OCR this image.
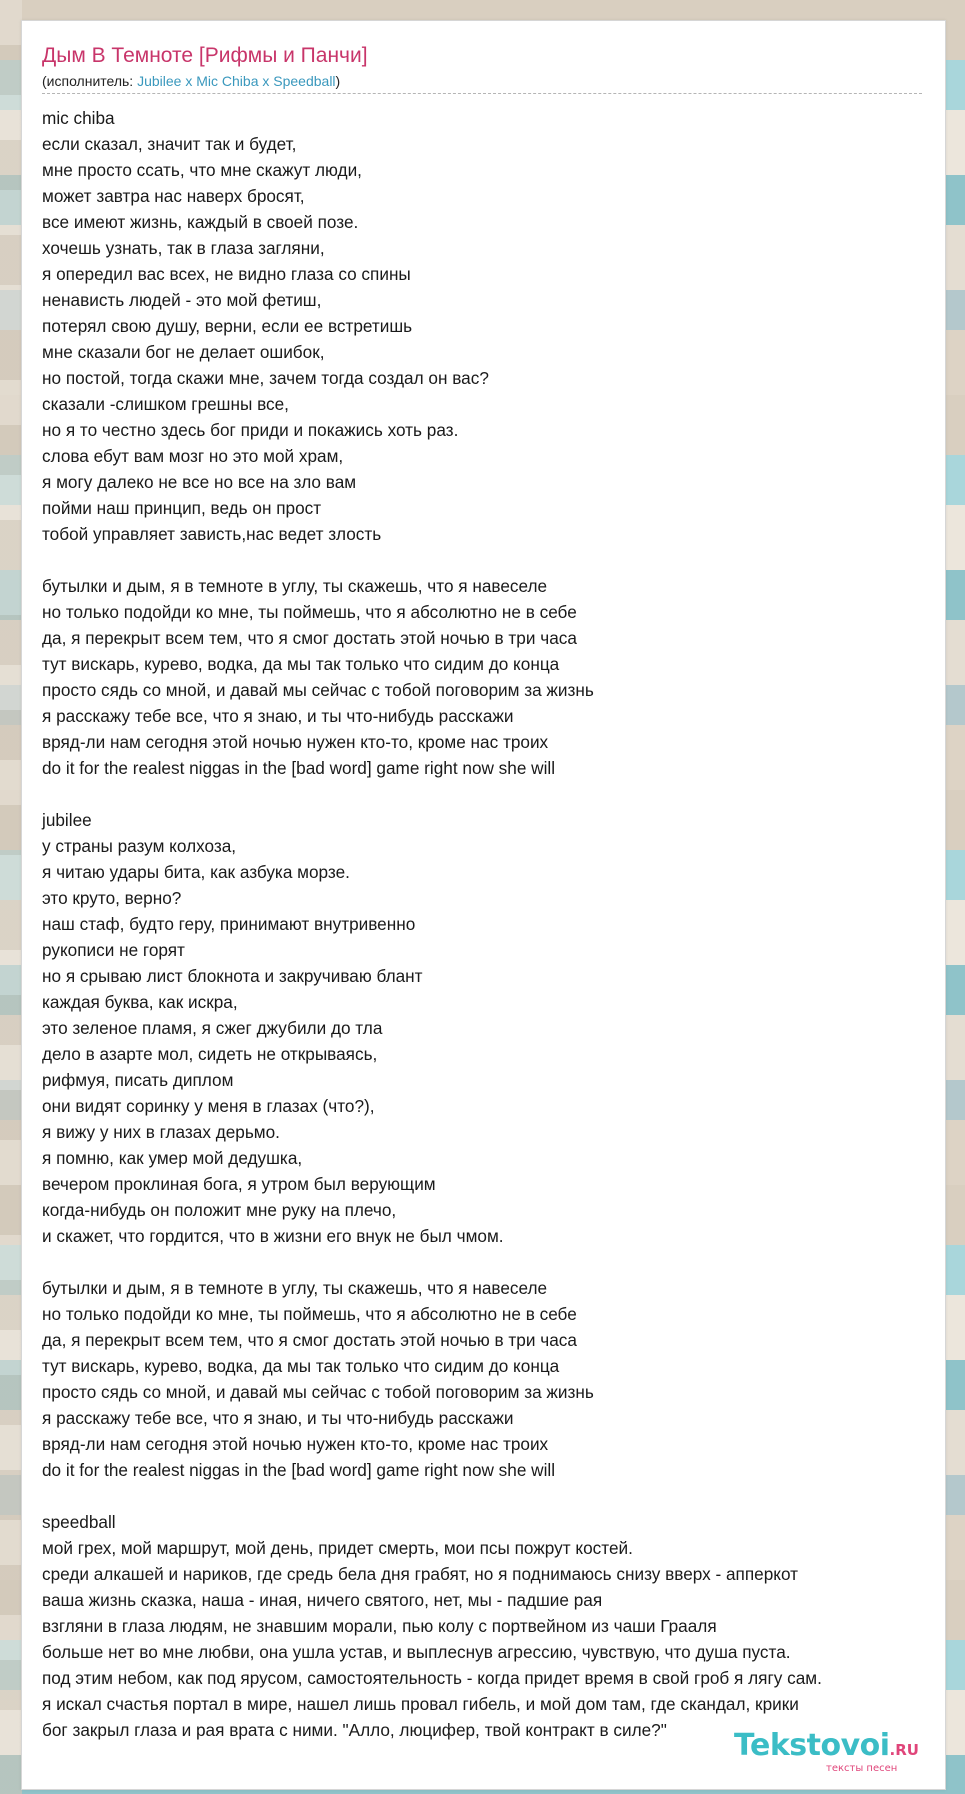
Дым В Темноте [Рифмы и Панчи]
(исполнитель: Jubilee x Mic Chiba x Speedball)
mic chiba
если сказал, значит так и будет,
мне просто ссать, что мне скажут люди,
может завтра нас наверх бросят,
все имеют жизнь, каждый в своей позе.
хочешь узнать, так в глаза загляни,
я опередил вас всех, не видно глаза со спины
ненависть людей - это мой фетиш,
потерял свою душу, верни, если ее встретишь
мне сказали бог не делает ошибок,
но постой, тогда скажи мне, зачем тогда создал он вас?
сказали -слишком грешны все,
но я то честно здесь бог приди и покажись хоть раз.
слова ебут вам мозг но это мой храм,
я могу далеко не все но все на зло вам
пойми наш принцип, ведь он прост
тобой управляет зависть,нас ведет злость
бутылки и дым, я в темноте в углу, ты скажешь, что я навеселе
но только подойди ко мне, ты поймешь, что я абсолютно не в себе
да, я перекрыт всем тем, что я смог достать этой ночью в три часа
тут вискарь, курево, водка, да мы так только что сидим до конца
просто сядь со мной, и давай мы сейчас с тобой поговорим за жизнь
я расскажу тебе все, что я знаю, и ты что-нибудь расскажи
вряд-ли нам сегодня этой ночью нужен кто-то, кроме нас троих
do it for the realest niggas in the [bad word] game right now she will
jubilee
у страны разум колхоза,
я читаю удары бита, как азбука морзе.
это круто, верно?
наш стаф, будто геру, принимают внутривенно
рукописи не горят
но я срываю лист блокнота и закручиваю блант
каждая буква, как искра,
это зеленое пламя, я сжег джубили до тла
дело в азарте мол, сидеть не открываясь,
рифмуя, писать диплом
они видят соринку у меня в глазах (что?),
я вижу у них в глазах дерьмо.
я помню, как умер мой дедушка,
вечером проклиная бога, я утром был верующим
когда-нибудь он положит мне руку на плечо,
и скажет, что гордится, что в жизни его внук не был чмом.
бутылки и дым, я в темноте в углу, ты скажешь, что я навеселе
но только подойди ко мне, ты поймешь, что я абсолютно не в себе
да, я перекрыт всем тем, что я смог достать этой ночью в три часа
тут вискарь, курево, водка, да мы так только что сидим до конца
просто сядь со мной, и давай мы сейчас с тобой поговорим за жизнь
я расскажу тебе все, что я знаю, и ты что-нибудь расскажи
вряд-ли нам сегодня этой ночью нужен кто-то, кроме нас троих
do it for the realest niggas in the [bad word] game right now she will
speedball
мой грех, мой маршрут, мой день, придет смерть, мои псы пожрут костей.
среди алкашей и нариков, где средь бела дня грабят, но я поднимаюсь снизу вверх - апперкот
ваша жизнь сказка, наша - иная, ничего святого, нет, мы - падшие рая
взгляни в глаза людям, не знавшим морали, пью колу с портвейном из чаши Грааля
больше нет во мне любви, она ушла устав, и выплеснув агрессию, чувствую, что душа пуста.
под этим небом, как под ярусом, самостоятельность - когда придет время в свой гроб я лягу сам.
я искал счастья портал в мире, нашел лишь провал гибель, и мой дом там, где скандал, крики
бог закрыл глаза и рая врата с ними. "Алло, люцифер, твой контракт в силе?"	Tekstovoi.RU
тексты песен
